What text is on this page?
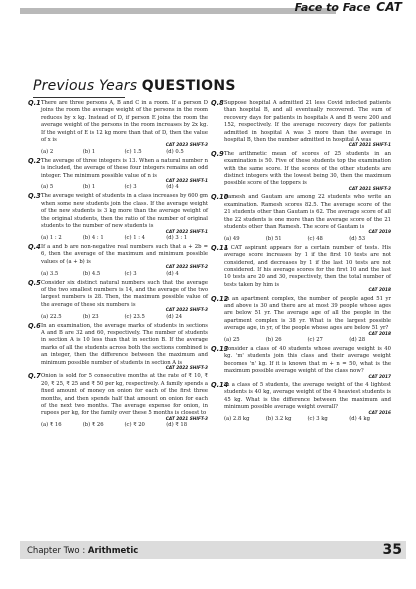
Face to Face
CAT
Previous Years QUESTIONS
Q.1 There are three persons A, B and C in a room. If a person D joins the room the average weight of the persons in the room reduces by x kg. Instead of D, if person E joins the room the average weight of the persons in the room increases by 2x kg. If the weight of E is 12 kg more than that of D, then the value of x is
CAT 2023 SHIFT-3
(a) 2	(b) 1	(c) 1.5	(d) 0.5
Q.2 The average of three integers is 13. When a natural number n is included, the average of these four integers remains an odd integer. The minimum possible value of n is
CAT 2022 SHIFT-1
(a) 5	(b) 1	(c) 3	(d) 4
Q.3 The average weight of students in a class increases by 600 gm when some new students join the class. If the average weight of the new students is 3 kg more than the average weight of the original students, then the ratio of the number of original students to the number of new students is
CAT 2022 SHIFT-1
(a) 1 : 2	(b) 4 : 1	(c) 1 : 4	(d) 3 : 1
Q.4 If a and b are non-negative real numbers such that a + 2b = 6, then the average of the maximum and minimum possible values of (a + b) is
CAT 2022 SHIFT-2
(a) 3.5	(b) 4.5	(c) 3	(d) 4
Q.5 Consider six distinct natural numbers such that the average of the two smallest numbers is 14, and the average of the two largest numbers is 28. Then, the maximum possible value of the average of these six numbers is
CAT 2022 SHIFT-3
(a) 22.5	(b) 23	(c) 23.5	(d) 24
Q.6 In an examination, the average marks of students in sections A and B are 32 and 60, respectively. The number of students in section A is 10 less than that in section B. If the average marks of all the students across both the sections combined is an integer, then the difference between the maximum and minimum possible number of students in section A is
CAT 2022 SHIFT-3
Q.7 Onion is sold for 5 consecutive months at the rate of ₹ 10, ₹ 20, ₹ 25, ₹ 25 and ₹ 50 per kg, respectively. A family spends a fixed amount of money on onion for each of the first three months, and then spends half that amount on onion for each of the next two months. The average expense for onion, in rupees per kg, for the family over these 5 months is closest to
CAT 2021 SHIFT-3
(a) ₹ 16	(b) ₹ 26	(c) ₹ 20	(d) ₹ 18
Q.8 Suppose hospital A admitted 21 less Covid infected patients than hospital B, and all eventually recovered. The sum of recovery days for patients in hospitals A and B were 200 and 152, respectively. If the average recovery days for patients admitted in hospital A was 3 more than the average in hospital B, then the number admitted in hospital A was
CAT 2021 SHIFT-1
Q.9 The arithmetic mean of scores of 25 students in an examination is 50. Five of these students top the examination with the same score. If the scores of the other students are distinct integers with the lowest being 30, then the maximum possible score of the toppers is
CAT 2021 SHIFT-3
Q.10
Ramesh and Gautam are among 22 students who write an examination. Ramesh scores 82.5. The average score of the 21 students other than Gautam is 62. The average score of all the 22 students is one more than the average score of the 21 students other than Ramesh. The score of Gautam is
CAT 2019
(a) 49	(b) 51	(c) 48	(d) 53
Q.11
A CAT aspirant appears for a certain number of tests. His average score increases by 1 if the first 10 tests are not considered, and decreases by 1 if the last 10 tests are not considered. If his average scores for the first 10 and the last 10 tests are 20 and 30, respectively, then the total number of tests taken by him is
CAT 2018
Q.12
In an apartment complex, the number of people aged 51 yr and above is 30 and there are at most 39 people whose ages are below 51 yr. The average age of all the people in the apartment complex is 38 yr. What is the largest possible average age, in yr, of the people whose ages are below 51 yr?
CAT 2018
(a) 25	(b) 26	(c) 27	(d) 28
Q.13
Consider a class of 40 students whose average weight is 40 kg. 'm' students join this class and their average weight becomes 'n' kg. If it is known that m + n = 50, what is the maximum possible average weight of the class now?
CAT 2017
Q.14
In a class of 5 students, the average weight of the 4 lightest students is 40 kg, average weight of the 4 heaviest students is 45 kg. What is the difference between the maximum and minimum possible average weight overall?
CAT 2016
(a) 2.8 kg	(b) 3.2 kg	(c) 3 kg	(d) 4 kg
Chapter Two : Arithmetic	35
